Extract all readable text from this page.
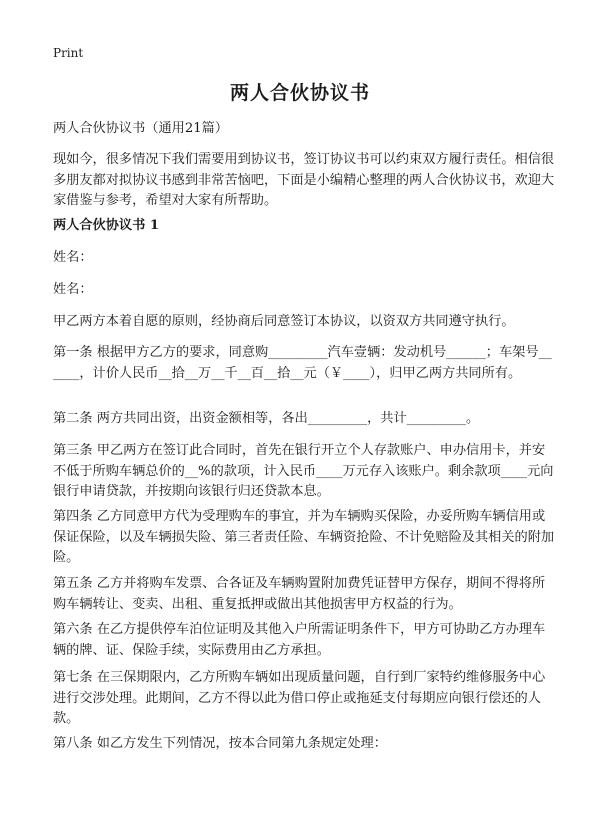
Print
两人合伙协议书

两人合伙协议书（通用21篇）

现如今，很多情况下我们需要用到协议书，签订协议书可以约束双方履行责任。相信很多朋友都对拟协议书感到非常苦恼吧，下面是小编精心整理的两人合伙协议书，欢迎大家借鉴与参考，希望对大家有所帮助。

两人合伙协议书 1

姓名：

姓名：

甲乙两方本着自愿的原则，经协商后同意签订本协议，以资双方共同遵守执行。

第一条 根据甲方乙方的要求，同意购_________汽车壹辆：发动机号______；车架号______，计价人民币__拾__万__千__百__拾__元（￥____），归甲乙两方共同所有。

第二条 两方共同出资，出资金额相等，各出_________，共计_________。

第三条 甲乙两方在签订此合同时，首先在银行开立个人存款账户、申办信用卡，并安不低于所购车辆总价的__%的款项，计入民币____万元存入该账户。剩余款项____元向银行申请贷款，并按期向该银行归还贷款本息。

第四条 乙方同意甲方代为受理购车的事宜，并为车辆购买保险，办妥所购车辆信用或保证保险，以及车辆损失险、第三者责任险、车辆资抢险、不计免赔险及其相关的附加险。

第五条 乙方并将购车发票、合各证及车辆购置附加费凭证替甲方保存，期间不得将所购车辆转让、变卖、出租、重复抵押或做出其他损害甲方权益的行为。

第六条 在乙方提供停车泊位证明及其他入户所需证明条件下，甲方可协助乙方办理车辆的牌、证、保险手续，实际费用由乙方承担。

第七条 在三保期限内，乙方所购车辆如出现质量问题，自行到厂家特约维修服务中心进行交涉处理。此期间，乙方不得以此为借口停止或拖延支付每期应向银行偿还的人款。

第八条 如乙方发生下列情况，按本合同第九条规定处理：
